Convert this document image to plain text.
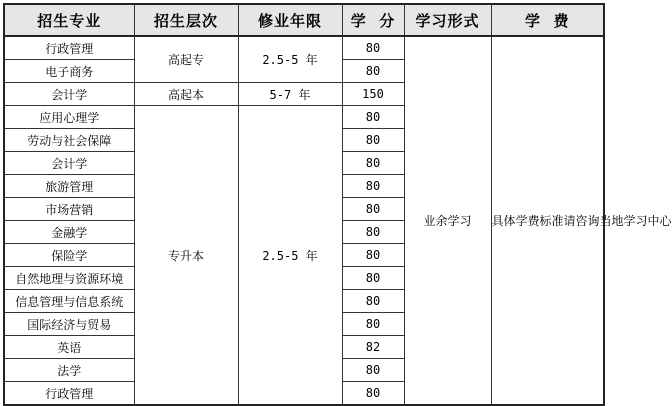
招生专业	招生层次	修业年限	学  分	学习形式	学  费
行政管理	高起专	2.5-5 年	80	业余学习	具体学费标准请咨询当地学习中心
电子商务			80		
会计学	高起本	5-7 年	150		
应用心理学	专升本	2.5-5 年	80		
劳动与社会保障			80		
会计学			80		
旅游管理			80		
市场营销			80		
金融学			80		
保险学			80		
自然地理与资源环境			80		
信息管理与信息系统			80		
国际经济与贸易			80		
英语			82		
法学			80		
行政管理			80		
